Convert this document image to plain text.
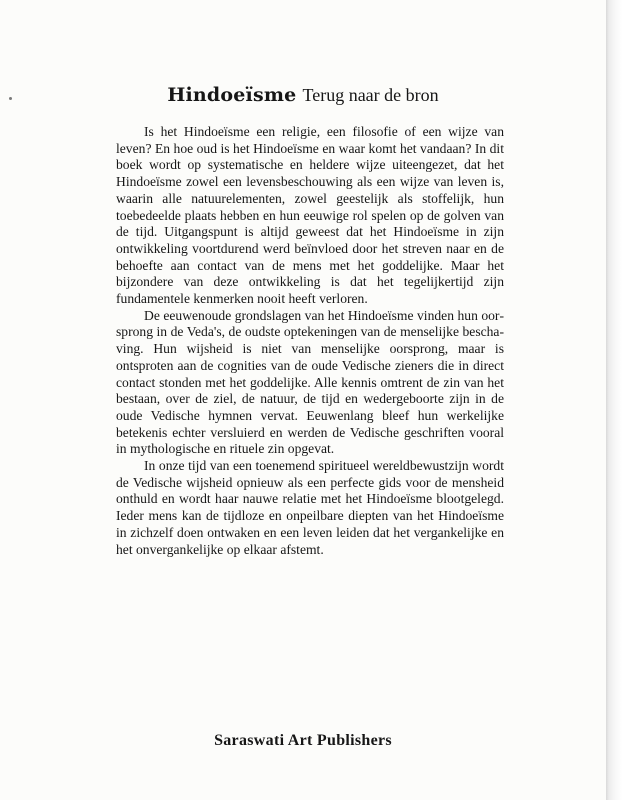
Hindoeïsme Terug naar de bron

Is het Hindoeïsme een religie, een filosofie of een wijze van leven? En hoe oud is het Hindoeïsme en waar komt het vandaan? In dit boek wordt op systematische en heldere wijze uiteengezet, dat het Hindoeïsme zowel een levensbeschouwing als een wijze van leven is, waarin alle natuurelementen, zowel geestelijk als stoffelijk, hun toebedeelde plaats hebben en hun eeuwige rol spelen op de golven van de tijd. Uitgangspunt is altijd geweest dat het Hindoeïsme in zijn ontwikkeling voortdurend werd beïnvloed door het streven naar en de behoefte aan contact van de mens met het goddelijke. Maar het bijzondere van deze ontwikkeling is dat het tegelijkertijd zijn fundamentele kenmerken nooit heeft verloren.

De eeuwenoude grondslagen van het Hindoeïsme vinden hun oorsprong in de Veda's, de oudste optekeningen van de menselijke beschaving. Hun wijsheid is niet van menselijke oorsprong, maar is ontsproten aan de cognities van de oude Vedische zieners die in direct contact stonden met het goddelijke. Alle kennis omtrent de zin van het bestaan, over de ziel, de natuur, de tijd en wedergeboorte zijn in de oude Vedische hymnen vervat. Eeuwenlang bleef hun werkelijke betekenis echter versluierd en werden de Vedische geschriften vooral in mythologische en rituele zin opgevat.

In onze tijd van een toenemend spiritueel wereldbewustzijn wordt de Vedische wijsheid opnieuw als een perfecte gids voor de mensheid onthuld en wordt haar nauwe relatie met het Hindoeïsme blootgelegd. Ieder mens kan de tijdloze en onpeilbare diepten van het Hindoeïsme in zichzelf doen ontwaken en een leven leiden dat het vergankelijke en het onvergankelijke op elkaar afstemt.

Saraswati Art Publishers
